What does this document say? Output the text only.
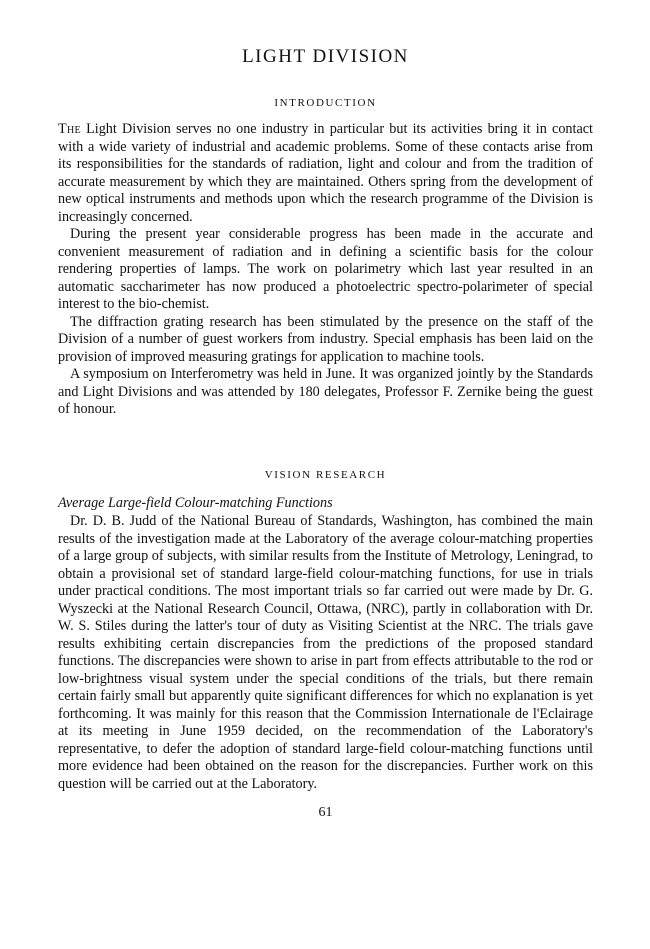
LIGHT DIVISION
INTRODUCTION

The Light Division serves no one industry in particular but its activities bring it in contact with a wide variety of industrial and academic problems. Some of these contacts arise from its responsibilities for the standards of radiation, light and colour and from the tradition of accurate measurement by which they are maintained. Others spring from the development of new optical instruments and methods upon which the research programme of the Division is increasingly concerned.

During the present year considerable progress has been made in the accurate and convenient measurement of radiation and in defining a scientific basis for the colour rendering properties of lamps. The work on polarimetry which last year resulted in an automatic saccharimeter has now produced a photoelectric spectro-polarimeter of special interest to the bio-chemist.

The diffraction grating research has been stimulated by the presence on the staff of the Division of a number of guest workers from industry. Special emphasis has been laid on the provision of improved measuring gratings for application to machine tools.

A symposium on Interferometry was held in June. It was organized jointly by the Standards and Light Divisions and was attended by 180 delegates, Professor F. Zernike being the guest of honour.

VISION RESEARCH

Average Large-field Colour-matching Functions

Dr. D. B. Judd of the National Bureau of Standards, Washington, has combined the main results of the investigation made at the Laboratory of the average colour-matching properties of a large group of subjects, with similar results from the Institute of Metrology, Leningrad, to obtain a provisional set of standard large-field colour-matching functions, for use in trials under practical conditions. The most important trials so far carried out were made by Dr. G. Wyszecki at the National Research Council, Ottawa, (NRC), partly in collaboration with Dr. W. S. Stiles during the latter's tour of duty as Visiting Scientist at the NRC. The trials gave results exhibiting certain discrepancies from the predictions of the proposed standard functions. The discrepancies were shown to arise in part from effects attributable to the rod or low-brightness visual system under the special conditions of the trials, but there remain certain fairly small but apparently quite significant differences for which no explanation is yet forthcoming. It was mainly for this reason that the Commission Internationale de l'Eclairage at its meeting in June 1959 decided, on the recommendation of the Laboratory's representative, to defer the adoption of standard large-field colour-matching functions until more evidence had been obtained on the reason for the discrepancies. Further work on this question will be carried out at the Laboratory.

61
